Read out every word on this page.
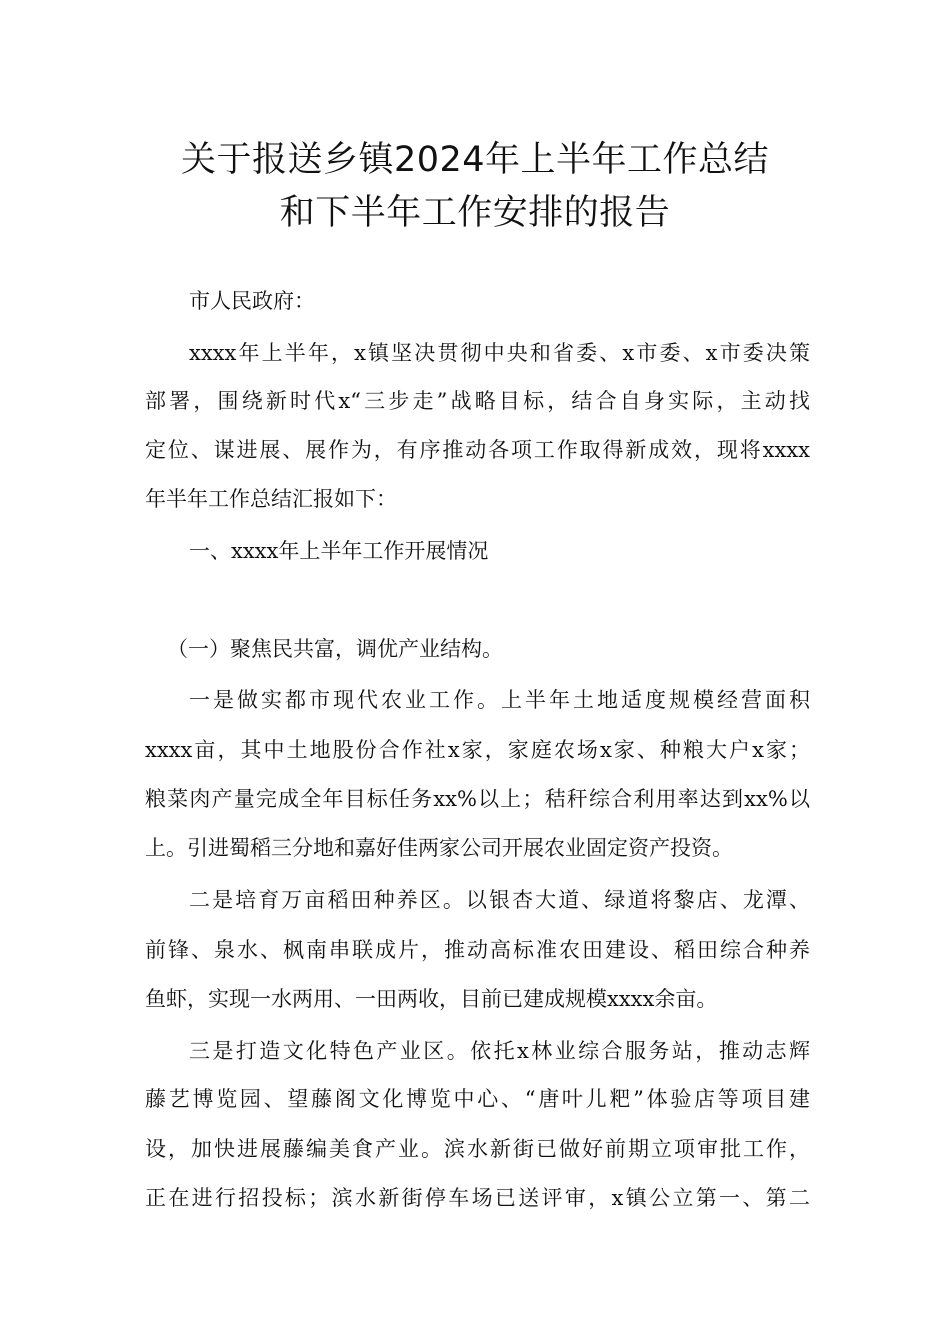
关于报送乡镇2024年上半年工作总结
和下半年工作安排的报告
市人民政府：
xxxx年上半年，x镇坚决贯彻中央和省委、x市委、x市委决策
部署，围绕新时代x“三步走”战略目标，结合自身实际，主动找
定位、谋进展、展作为，有序推动各项工作取得新成效，现将xxxx
年半年工作总结汇报如下：
一、xxxx年上半年工作开展情况
（一）聚焦民共富，调优产业结构。
一是做实都市现代农业工作。上半年土地适度规模经营面积
xxxx亩，其中土地股份合作社x家，家庭农场x家、种粮大户x家；
粮菜肉产量完成全年目标任务xx%以上；秸秆综合利用率达到xx%以
上。引进蜀稻三分地和嘉好佳两家公司开展农业固定资产投资。
二是培育万亩稻田种养区。以银杏大道、绿道将黎店、龙潭、
前锋、泉水、枫南串联成片，推动高标准农田建设、稻田综合种养
鱼虾，实现一水两用、一田两收，目前已建成规模xxxx余亩。
三是打造文化特色产业区。依托x林业综合服务站，推动志辉
藤艺博览园、望藤阁文化博览中心、“唐叶儿粑”体验店等项目建
设，加快进展藤编美食产业。滨水新街已做好前期立项审批工作，
正在进行招投标；滨水新街停车场已送评审，x镇公立第一、第二
